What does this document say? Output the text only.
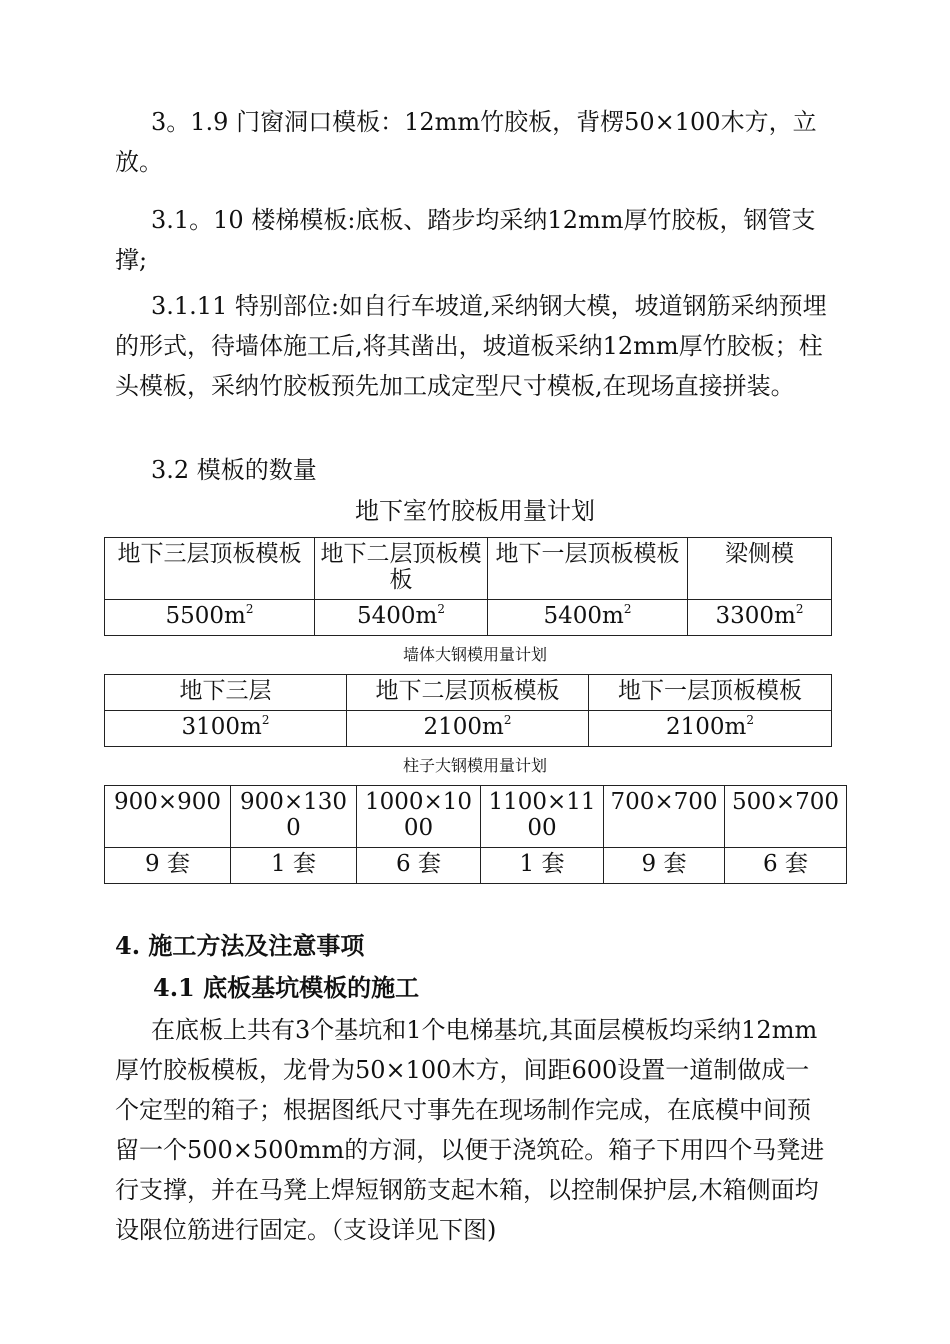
3。1.9 门窗洞口模板：12mm竹胶板，背楞50×100木方，立放。

3.1。10 楼梯模板:底板、踏步均采纳12mm厚竹胶板，钢管支撑;

3.1.11 特别部位:如自行车坡道,采纳钢大模，坡道钢筋采纳预埋的形式，待墙体施工后,将其凿出，坡道板采纳12mm厚竹胶板；柱头模板，采纳竹胶板预先加工成定型尺寸模板,在现场直接拼装。

3.2 模板的数量

地下室竹胶板用量计划
地下三层顶板模板	地下二层顶板模板	地下一层顶板模板	梁侧模
$5500m^2$	$5400m^2$	$5400m^2$	$3300m^2$
墙体大钢模用量计划
地下三层	地下二层顶板模板	地下一层顶板模板
$3100m^2$	$2100m^2$	$2100m^2$
柱子大钢模用量计划
900×900	900×1300	1000×1000	1100×1100	700×700	500×700
9 套	1 套	6 套	1 套	9 套	6 套
4. 施工方法及注意事项
4.1 底板基坑模板的施工

在底板上共有3个基坑和1个电梯基坑,其面层模板均采纳12mm厚竹胶板模板，龙骨为50×100木方，间距600设置一道制做成一个定型的箱子；根据图纸尺寸事先在现场制作完成，在底模中间预留一个500×500mm的方洞，以便于浇筑砼。箱子下用四个马凳进行支撑，并在马凳上焊短钢筋支起木箱，以控制保护层,木箱侧面均设限位筋进行固定。（支设详见下图)
